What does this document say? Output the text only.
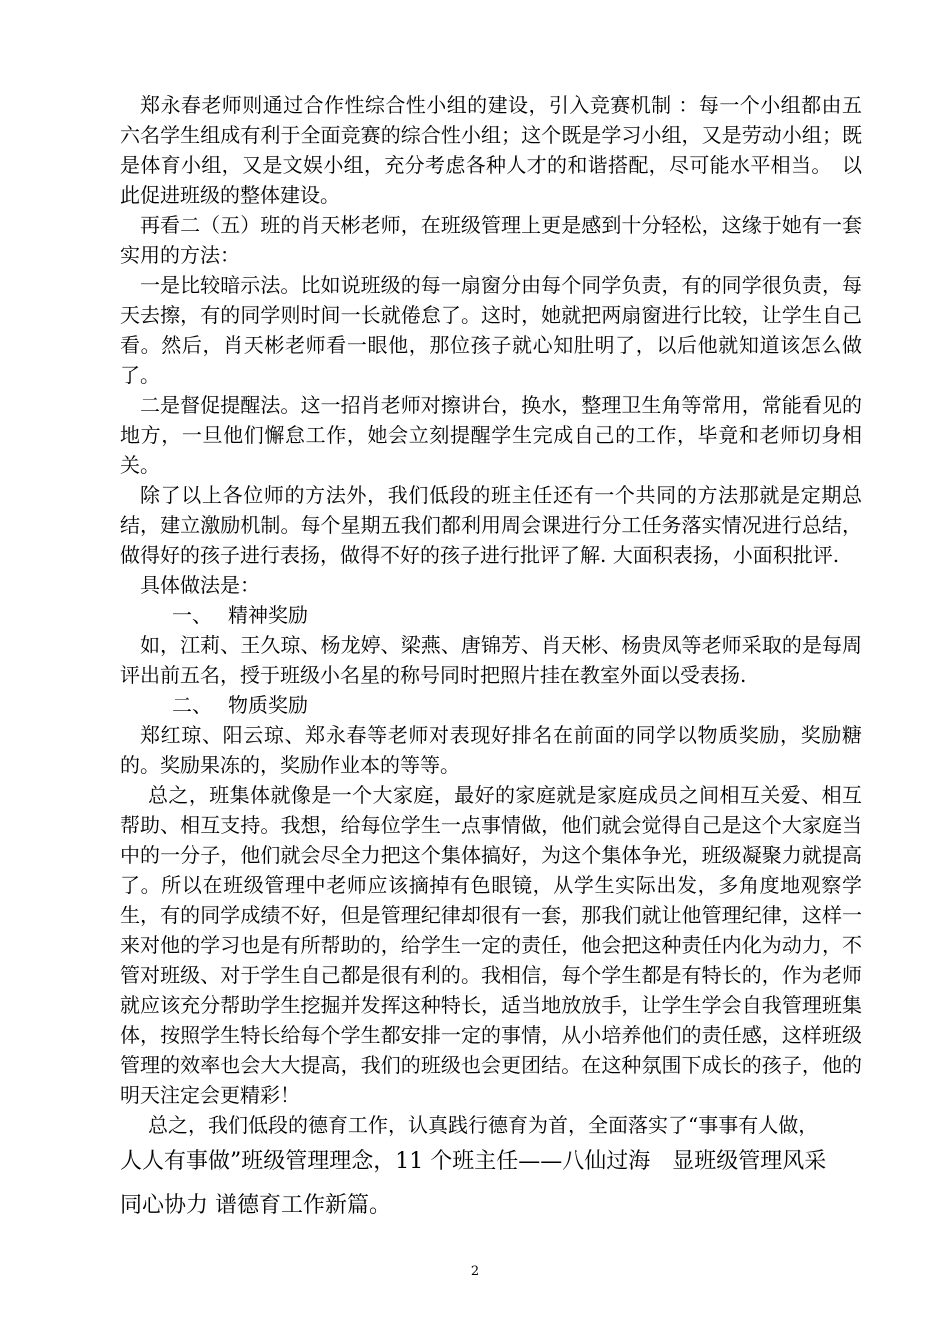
郑永春老师则通过合作性综合性小组的建设，引入竞赛机制 ：每一个小组都由五六名学生组成有利于全面竞赛的综合性小组；这个既是学习小组，又是劳动小组；既是体育小组，又是文娱小组，充分考虑各种人才的和谐搭配，尽可能水平相当。　以此促进班级的整体建设。

再看二（五）班的肖天彬老师，在班级管理上更是感到十分轻松，这缘于她有一套实用的方法：

一是比较暗示法。比如说班级的每一扇窗分由每个同学负责，有的同学很负责，每天去擦，有的同学则时间一长就倦怠了。这时，她就把两扇窗进行比较，让学生自己看。然后，肖天彬老师看一眼他，那位孩子就心知肚明了，以后他就知道该怎么做了。

二是督促提醒法。这一招肖老师对擦讲台，换水，整理卫生角等常用，常能看见的地方，一旦他们懈怠工作，她会立刻提醒学生完成自己的工作，毕竟和老师切身相关。

除了以上各位师的方法外，我们低段的班主任还有一个共同的方法那就是定期总结，建立激励机制。每个星期五我们都利用周会课进行分工任务落实情况进行总结，做得好的孩子进行表扬，做得不好的孩子进行批评了解. 大面积表扬，小面积批评.

具体做法是：

一、 精神奖励

如，江莉、王久琼、杨龙婷、梁燕、唐锦芳、肖天彬、杨贵凤等老师采取的是每周评出前五名，授于班级小名星的称号同时把照片挂在教室外面以受表扬.

二、 物质奖励

郑红琼、阳云琼、郑永春等老师对表现好排名在前面的同学以物质奖励，奖励糖的。奖励果冻的，奖励作业本的等等。

总之，班集体就像是一个大家庭，最好的家庭就是家庭成员之间相互关爱、相互帮助、相互支持。我想，给每位学生一点事情做，他们就会觉得自己是这个大家庭当中的一分子，他们就会尽全力把这个集体搞好，为这个集体争光，班级凝聚力就提高了。所以在班级管理中老师应该摘掉有色眼镜，从学生实际出发，多角度地观察学生，有的同学成绩不好，但是管理纪律却很有一套，那我们就让他管理纪律，这样一来对他的学习也是有所帮助的，给学生一定的责任，他会把这种责任内化为动力，不管对班级、对于学生自己都是很有利的。我相信，每个学生都是有特长的，作为老师就应该充分帮助学生挖掘并发挥这种特长，适当地放放手，让学生学会自我管理班集体，按照学生特长给每个学生都安排一定的事情，从小培养他们的责任感，这样班级管理的效率也会大大提高，我们的班级也会更团结。在这种氛围下成长的孩子，他的明天注定会更精彩！

总之，我们低段的德育工作，认真践行德育为首，全面落实了“事事有人做，

人人有事做”班级管理理念，11 个班主任——八仙过海　显班级管理风采

同心协力 谱德育工作新篇。

2
